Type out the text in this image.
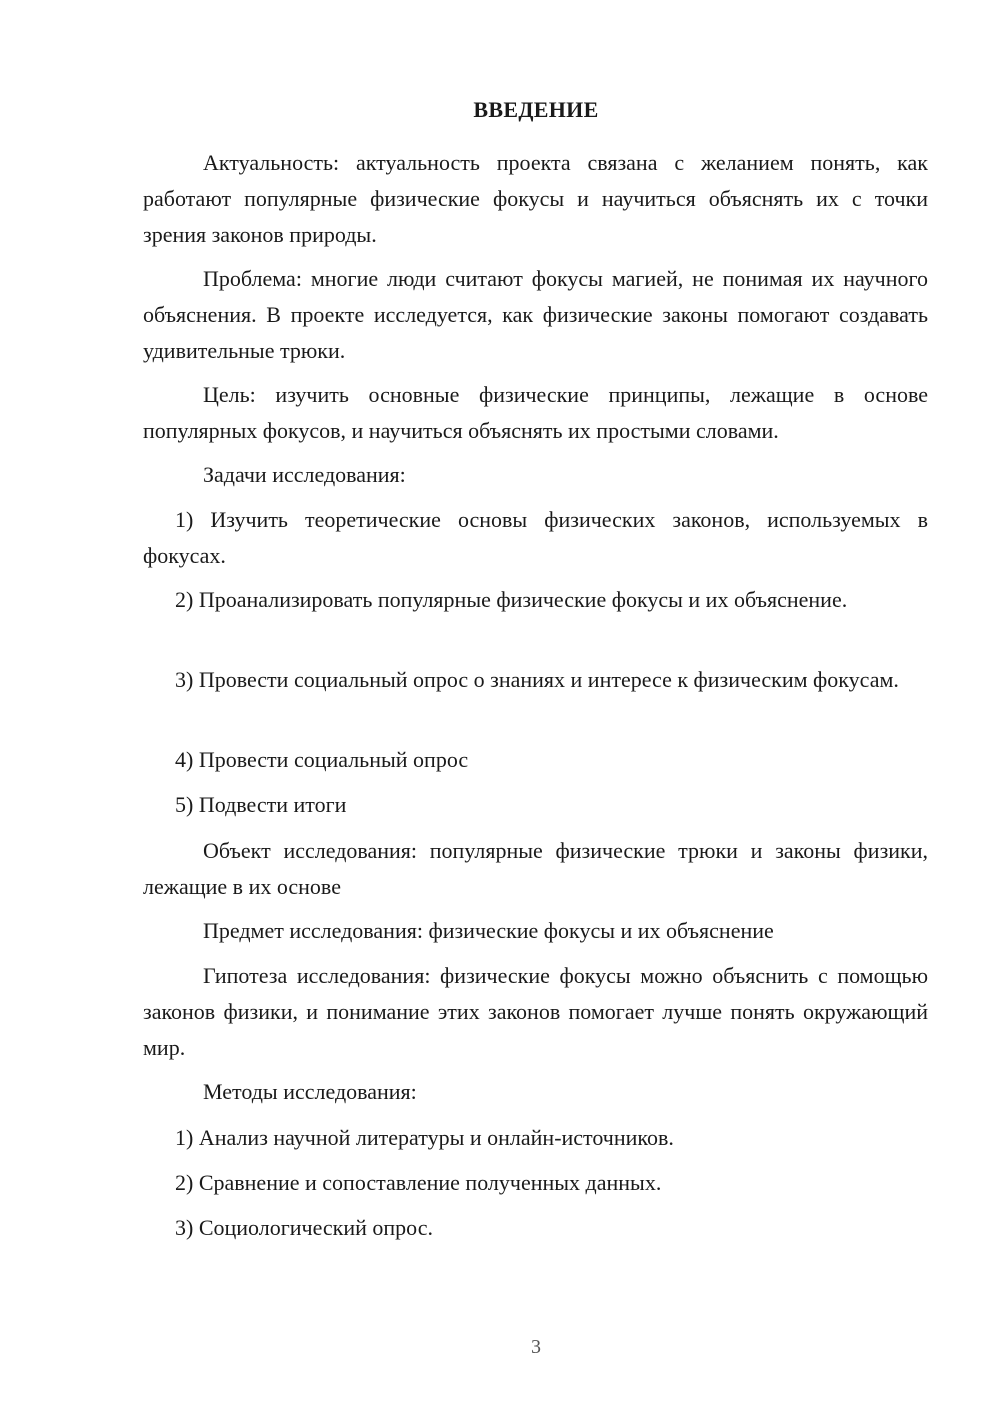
ВВЕДЕНИЕ

Актуальность: актуальность проекта связана с желанием понять, как работают популярные физические фокусы и научиться объяснять их с точки зрения законов природы.

Проблема: многие люди считают фокусы магией, не понимая их научного объяснения. В проекте исследуется, как физические законы помогают создавать удивительные трюки.

Цель: изучить основные физические принципы, лежащие в основе популярных фокусов, и научиться объяснять их простыми словами.

Задачи исследования:

1) Изучить теоретические основы физических законов, используемых в фокусах.

2) Проанализировать популярные физические фокусы и их объяснение.

3) Провести социальный опрос о знаниях и интересе к физическим фокусам.

4) Провести социальный опрос

5) Подвести итоги

Объект исследования: популярные физические трюки и законы физики, лежащие в их основе

Предмет исследования: физические фокусы и их объяснение

Гипотеза исследования: физические фокусы можно объяснить с помощью законов физики, и понимание этих законов помогает лучше понять окружающий мир.

Методы исследования:

1) Анализ научной литературы и онлайн-источников.

2) Сравнение и сопоставление полученных данных.

3) Социологический опрос.

3
